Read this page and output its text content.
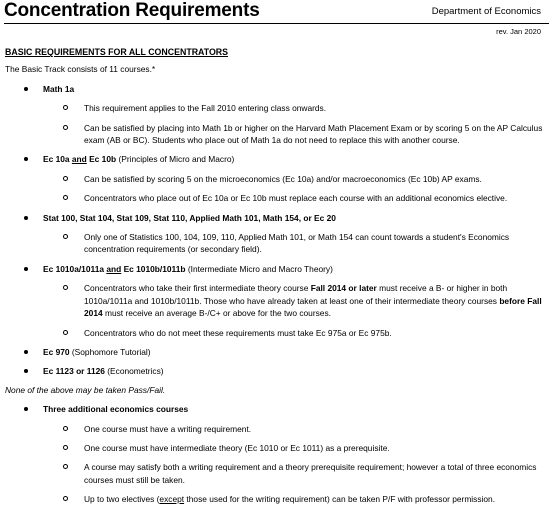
Concentration Requirements	Department of Economics
rev. Jan 2020
BASIC REQUIREMENTS FOR ALL CONCENTRATORS
The Basic Track consists of 11 courses.*
Math 1a
This requirement applies to the Fall 2010 entering class onwards.
Can be satisfied by placing into Math 1b or higher on the Harvard Math Placement Exam or by scoring 5 on the AP Calculus exam (AB or BC). Students who place out of Math 1a do not need to replace this with another course.
Ec 10a and Ec 10b (Principles of Micro and Macro)
Can be satisfied by scoring 5 on the microeconomics (Ec 10a) and/or macroeconomics (Ec 10b) AP exams.
Concentrators who place out of Ec 10a or Ec 10b must replace each course with an additional economics elective.
Stat 100, Stat 104, Stat 109, Stat 110, Applied Math 101, Math 154, or Ec 20
Only one of Statistics 100, 104, 109, 110, Applied Math 101, or Math 154 can count towards a student's Economics concentration requirements (or secondary field).
Ec 1010a/1011a and Ec 1010b/1011b (Intermediate Micro and Macro Theory)
Concentrators who take their first intermediate theory course Fall 2014 or later must receive a B- or higher in both 1010a/1011a and 1010b/1011b. Those who have already taken at least one of their intermediate theory courses before Fall 2014 must receive an average B-/C+ or above for the two courses.
Concentrators who do not meet these requirements must take Ec 975a or Ec 975b.
Ec 970 (Sophomore Tutorial)
Ec 1123 or 1126 (Econometrics)
None of the above may be taken Pass/Fail.
Three additional economics courses
One course must have a writing requirement.
One course must have intermediate theory (Ec 1010 or Ec 1011) as a prerequisite.
A course may satisfy both a writing requirement and a theory prerequisite requirement; however a total of three economics courses must still be taken.
Up to two electives (except those used for the writing requirement) can be taken P/F with professor permission.
